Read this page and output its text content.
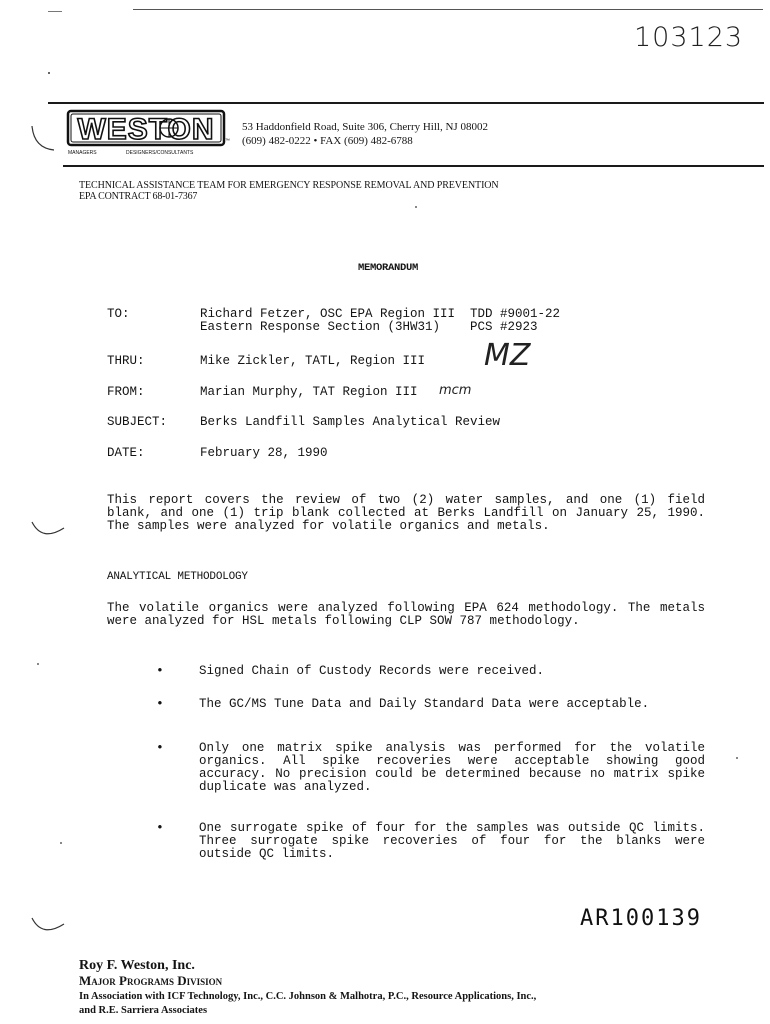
103123
WESTON
MANAGERS	DESIGNERS/CONSULTANTS
™
53 Haddonfield Road, Suite 306, Cherry Hill, NJ 08002
(609) 482-0222 • FAX (609) 482-6788
TECHNICAL ASSISTANCE TEAM FOR EMERGENCY RESPONSE REMOVAL AND PREVENTION
EPA CONTRACT 68-01-7367
MEMORANDUM
TO:	Richard Fetzer, OSC EPA Region III  TDD #9001-22
Eastern Response Section (3HW31)    PCS #2923
THRU:	Mike Zickler, TATL, Region III MZ
FROM:	Marian Murphy, TAT Region III mcm
SUBJECT:	Berks Landfill Samples Analytical Review
DATE:	February 28, 1990
This report covers the review of two (2) water samples, and one (1) field blank, and one (1) trip blank collected at Berks Landfill on January 25, 1990. The samples were analyzed for volatile organics and metals.
ANALYTICAL METHODOLOGY
The volatile organics were analyzed following EPA 624 methodology. The metals were analyzed for HSL metals following CLP SOW 787 methodology.
•	Signed Chain of Custody Records were received.
•	The GC/MS Tune Data and Daily Standard Data were acceptable.
•	Only one matrix spike analysis was performed for the volatile organics. All spike recoveries were acceptable showing good accuracy. No precision could be determined because no matrix spike duplicate was analyzed.
•	One surrogate spike of four for the samples was outside QC limits. Three surrogate spike recoveries of four for the blanks were outside QC limits.
AR100139
Roy F. Weston, Inc.
Major Programs Division
In Association with ICF Technology, Inc., C.C. Johnson & Malhotra, P.C., Resource Applications, Inc.,
and R.E. Sarriera Associates
